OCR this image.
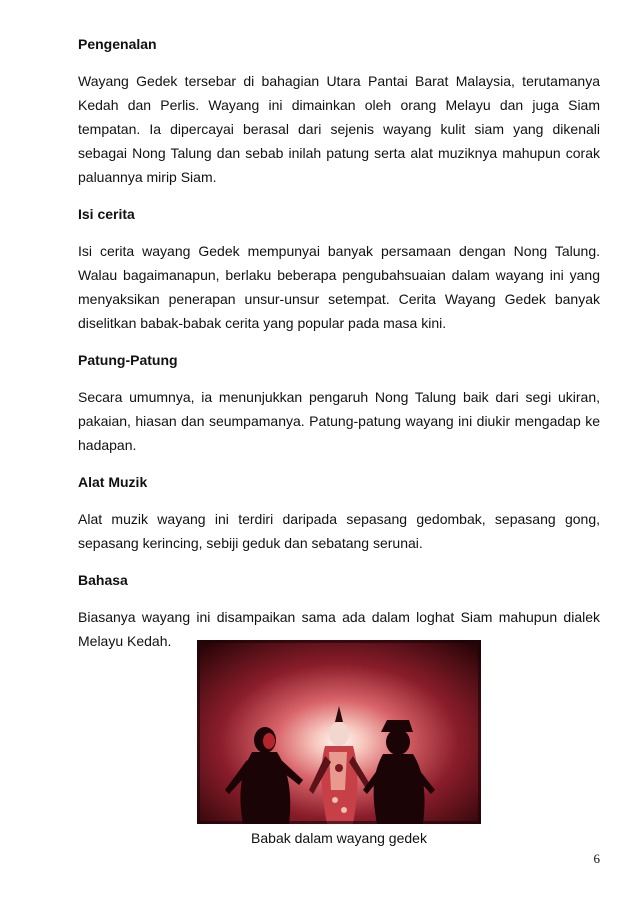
Pengenalan
Wayang Gedek tersebar di bahagian Utara Pantai Barat Malaysia, terutamanya Kedah dan Perlis. Wayang ini dimainkan oleh orang Melayu dan juga Siam tempatan. Ia dipercayai berasal dari sejenis wayang kulit siam yang dikenali sebagai Nong Talung dan sebab inilah patung serta alat muziknya mahupun corak paluannya mirip Siam.
Isi cerita
Isi cerita wayang Gedek mempunyai banyak persamaan dengan Nong Talung. Walau bagaimanapun, berlaku beberapa pengubahsuaian dalam wayang ini yang menyaksikan penerapan unsur-unsur setempat. Cerita Wayang Gedek banyak diselitkan babak-babak cerita yang popular pada masa kini.
Patung-Patung
Secara umumnya, ia menunjukkan pengaruh Nong Talung baik dari segi ukiran, pakaian, hiasan dan seumpamanya. Patung-patung wayang ini diukir mengadap ke hadapan.
Alat Muzik
Alat muzik wayang ini terdiri daripada sepasang gedombak, sepasang gong, sepasang kerincing, sebiji geduk dan sebatang serunai.
Bahasa
Biasanya wayang ini disampaikan sama ada dalam loghat Siam mahupun dialek Melayu Kedah.
Babak dalam wayang gedek
6
